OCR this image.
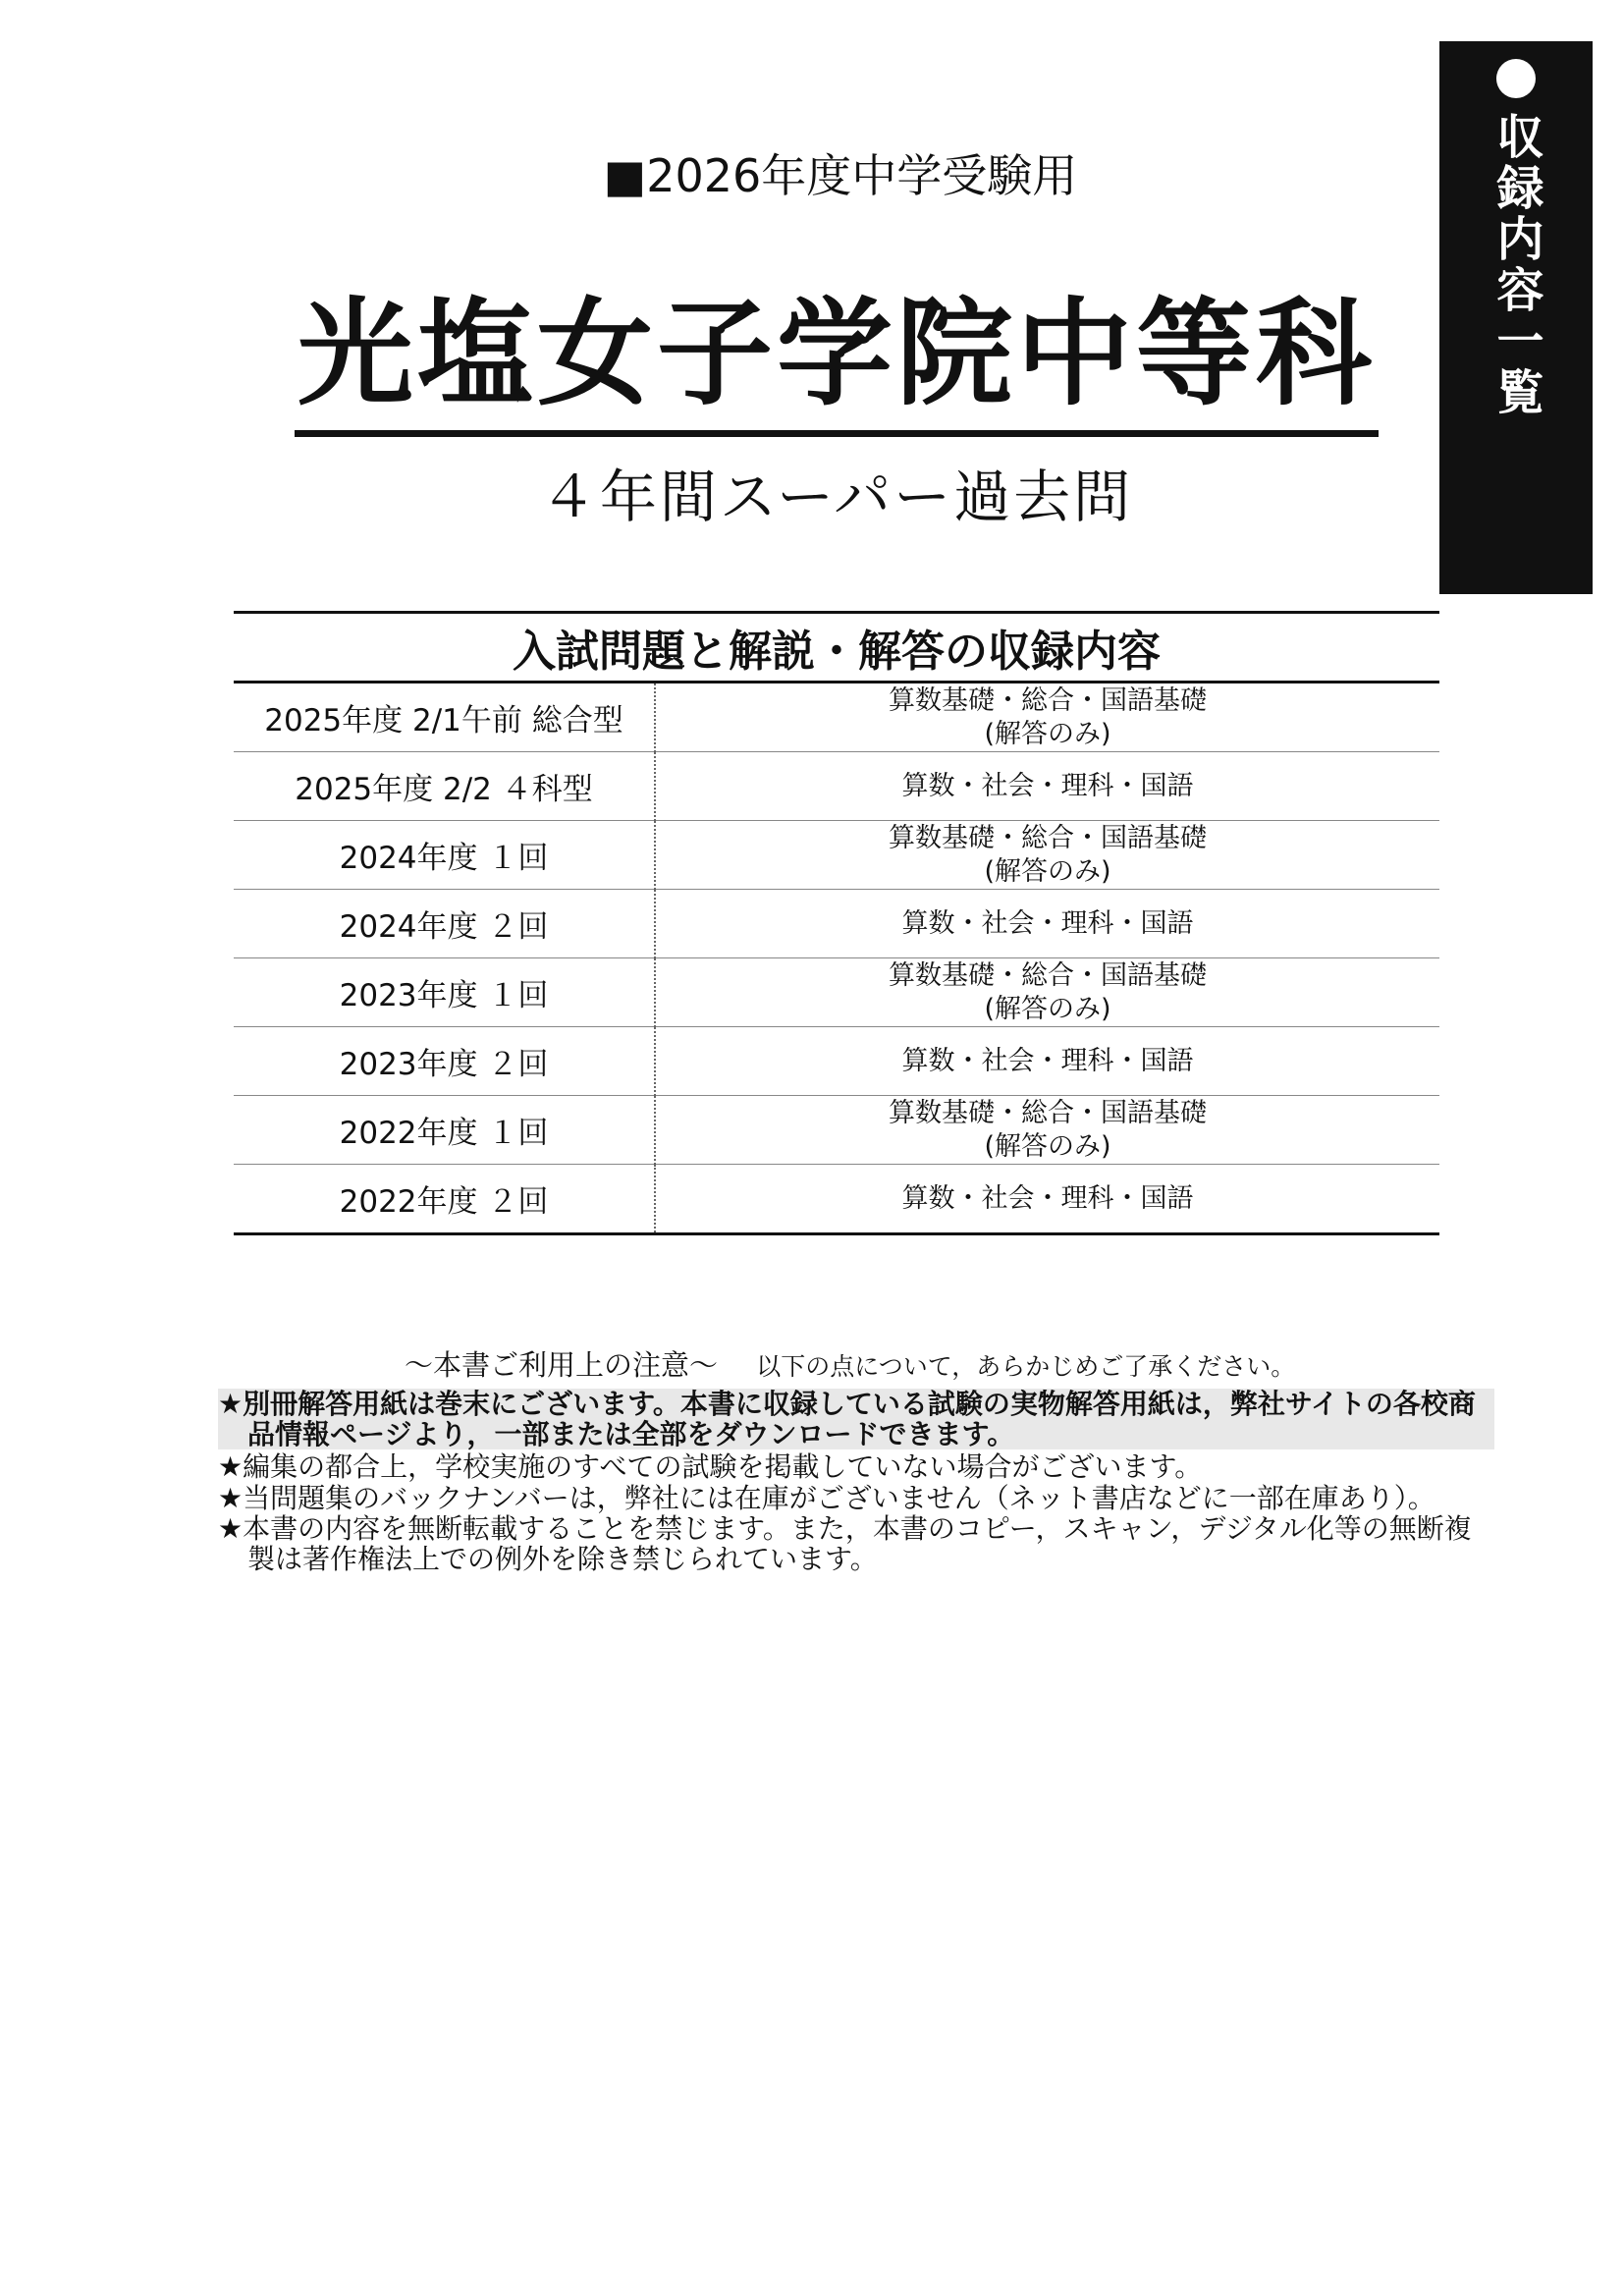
収録内容一覧
■2026年度中学受験用
光塩女子学院中等科
４年間スーパー過去問
入試問題と解説・解答の収録内容	
2025年度 2/1午前 総合型	算数基礎・総合・国語基礎
(解答のみ)

2025年度 2/2 ４科型	算数・社会・理科・国語

2024年度 １回	算数基礎・総合・国語基礎
(解答のみ)

2024年度 ２回	算数・社会・理科・国語

2023年度 １回	算数基礎・総合・国語基礎
(解答のみ)

2023年度 ２回	算数・社会・理科・国語

2022年度 １回	算数基礎・総合・国語基礎
(解答のみ)

2022年度 ２回	算数・社会・理科・国語
～本書ご利用上の注意～ 以下の点について，あらかじめご了承ください。
★別冊解答用紙は巻末にございます。本書に収録している試験の実物解答用紙は，弊社サイトの各校商品情報ページより，一部または全部をダウンロードできます。
★編集の都合上，学校実施のすべての試験を掲載していない場合がございます。
★当問題集のバックナンバーは，弊社には在庫がございません（ネット書店などに一部在庫あり）。
★本書の内容を無断転載することを禁じます。また，本書のコピー，スキャン，デジタル化等の無断複製は著作権法上での例外を除き禁じられています。
